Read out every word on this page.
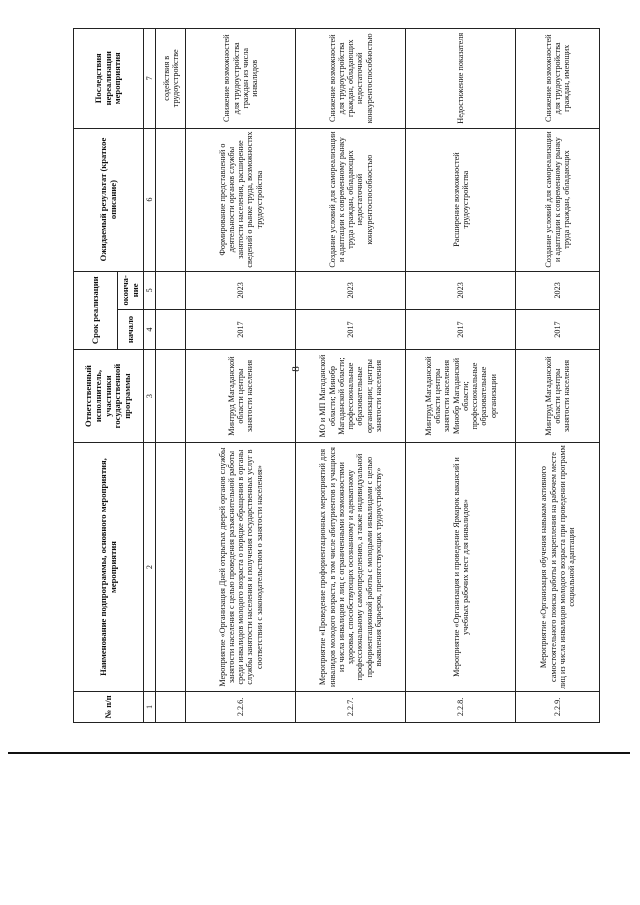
8
№ п/п	Наименование подпрограммы, основного мероприятия, мероприятия	Ответственный исполнитель, участники государственной программы	Срок реализации		Ожидаемый результат (краткое описание)	Последствия нереализации мероприятия
			начало	оконча-ние		
1	2	3	4	5	6	7
						содействия в трудоустройстве
2.2.6.	Мероприятие «Организация Дней открытых дверей органов службы занятости населения с целью проведения разъяснительной работы среди инвалидов молодого возраста о порядке обращения в органы службы занятости населения и получения государственных услуг в соответствии с законодательством о занятости населения»	Минтруд Магаданской области центры занятости населения	2017	2023	Формирование представлений о деятельности органов службы занятости населения, расширение сведений о рынке труда, возможностях трудоустройства	Снижение возможностей для трудоустройства граждан из числа инвалидов
2.2.7.	Мероприятие «Проведение профориентационных мероприятий для инвалидов молодого возраста, в том числе абитуриентов и учащихся из числа инвалидов и лиц с ограниченными возможностями здоровья, способствующих осознанному и адекватному профессиональному самоопределению, а также индивидуальной профориентационной работы с молодыми инвалидами с целью выявления барьеров, препятствующих трудоустройству»	МО и МП Магаданской области; Минобр Магаданской области; профессиональные образовательные организации; центры занятости населения	2017	2023	Создание условий для самореализации и адаптации к современному рынку труда граждан, обладающих недостаточной конкурентоспособностью	Снижение возможностей для трудоустройства граждан, обладающих недостаточной конкурентоспособностью
2.2.8.	Мероприятие «Организация и проведение Ярмарок вакансий и учебных рабочих мест для инвалидов»	Минтруд Магаданской области центры занятости населения Минобр Магаданской области; профессиональные образовательные организации	2017	2023	Расширение возможностей трудоустройства	Недостижение показателя
2.2.9.	Мероприятие «Организация обучения навыкам активного самостоятельного поиска работы и закрепления на рабочем месте лиц из числа инвалидов молодого возраста при проведении программ социальной адаптации	Минтруд Магаданской области центры занятости населения	2017	2023	Создание условий для самореализации и адаптации к современному рынку труда граждан, обладающих	Снижение возможностей для трудоустройства граждан, имеющих
